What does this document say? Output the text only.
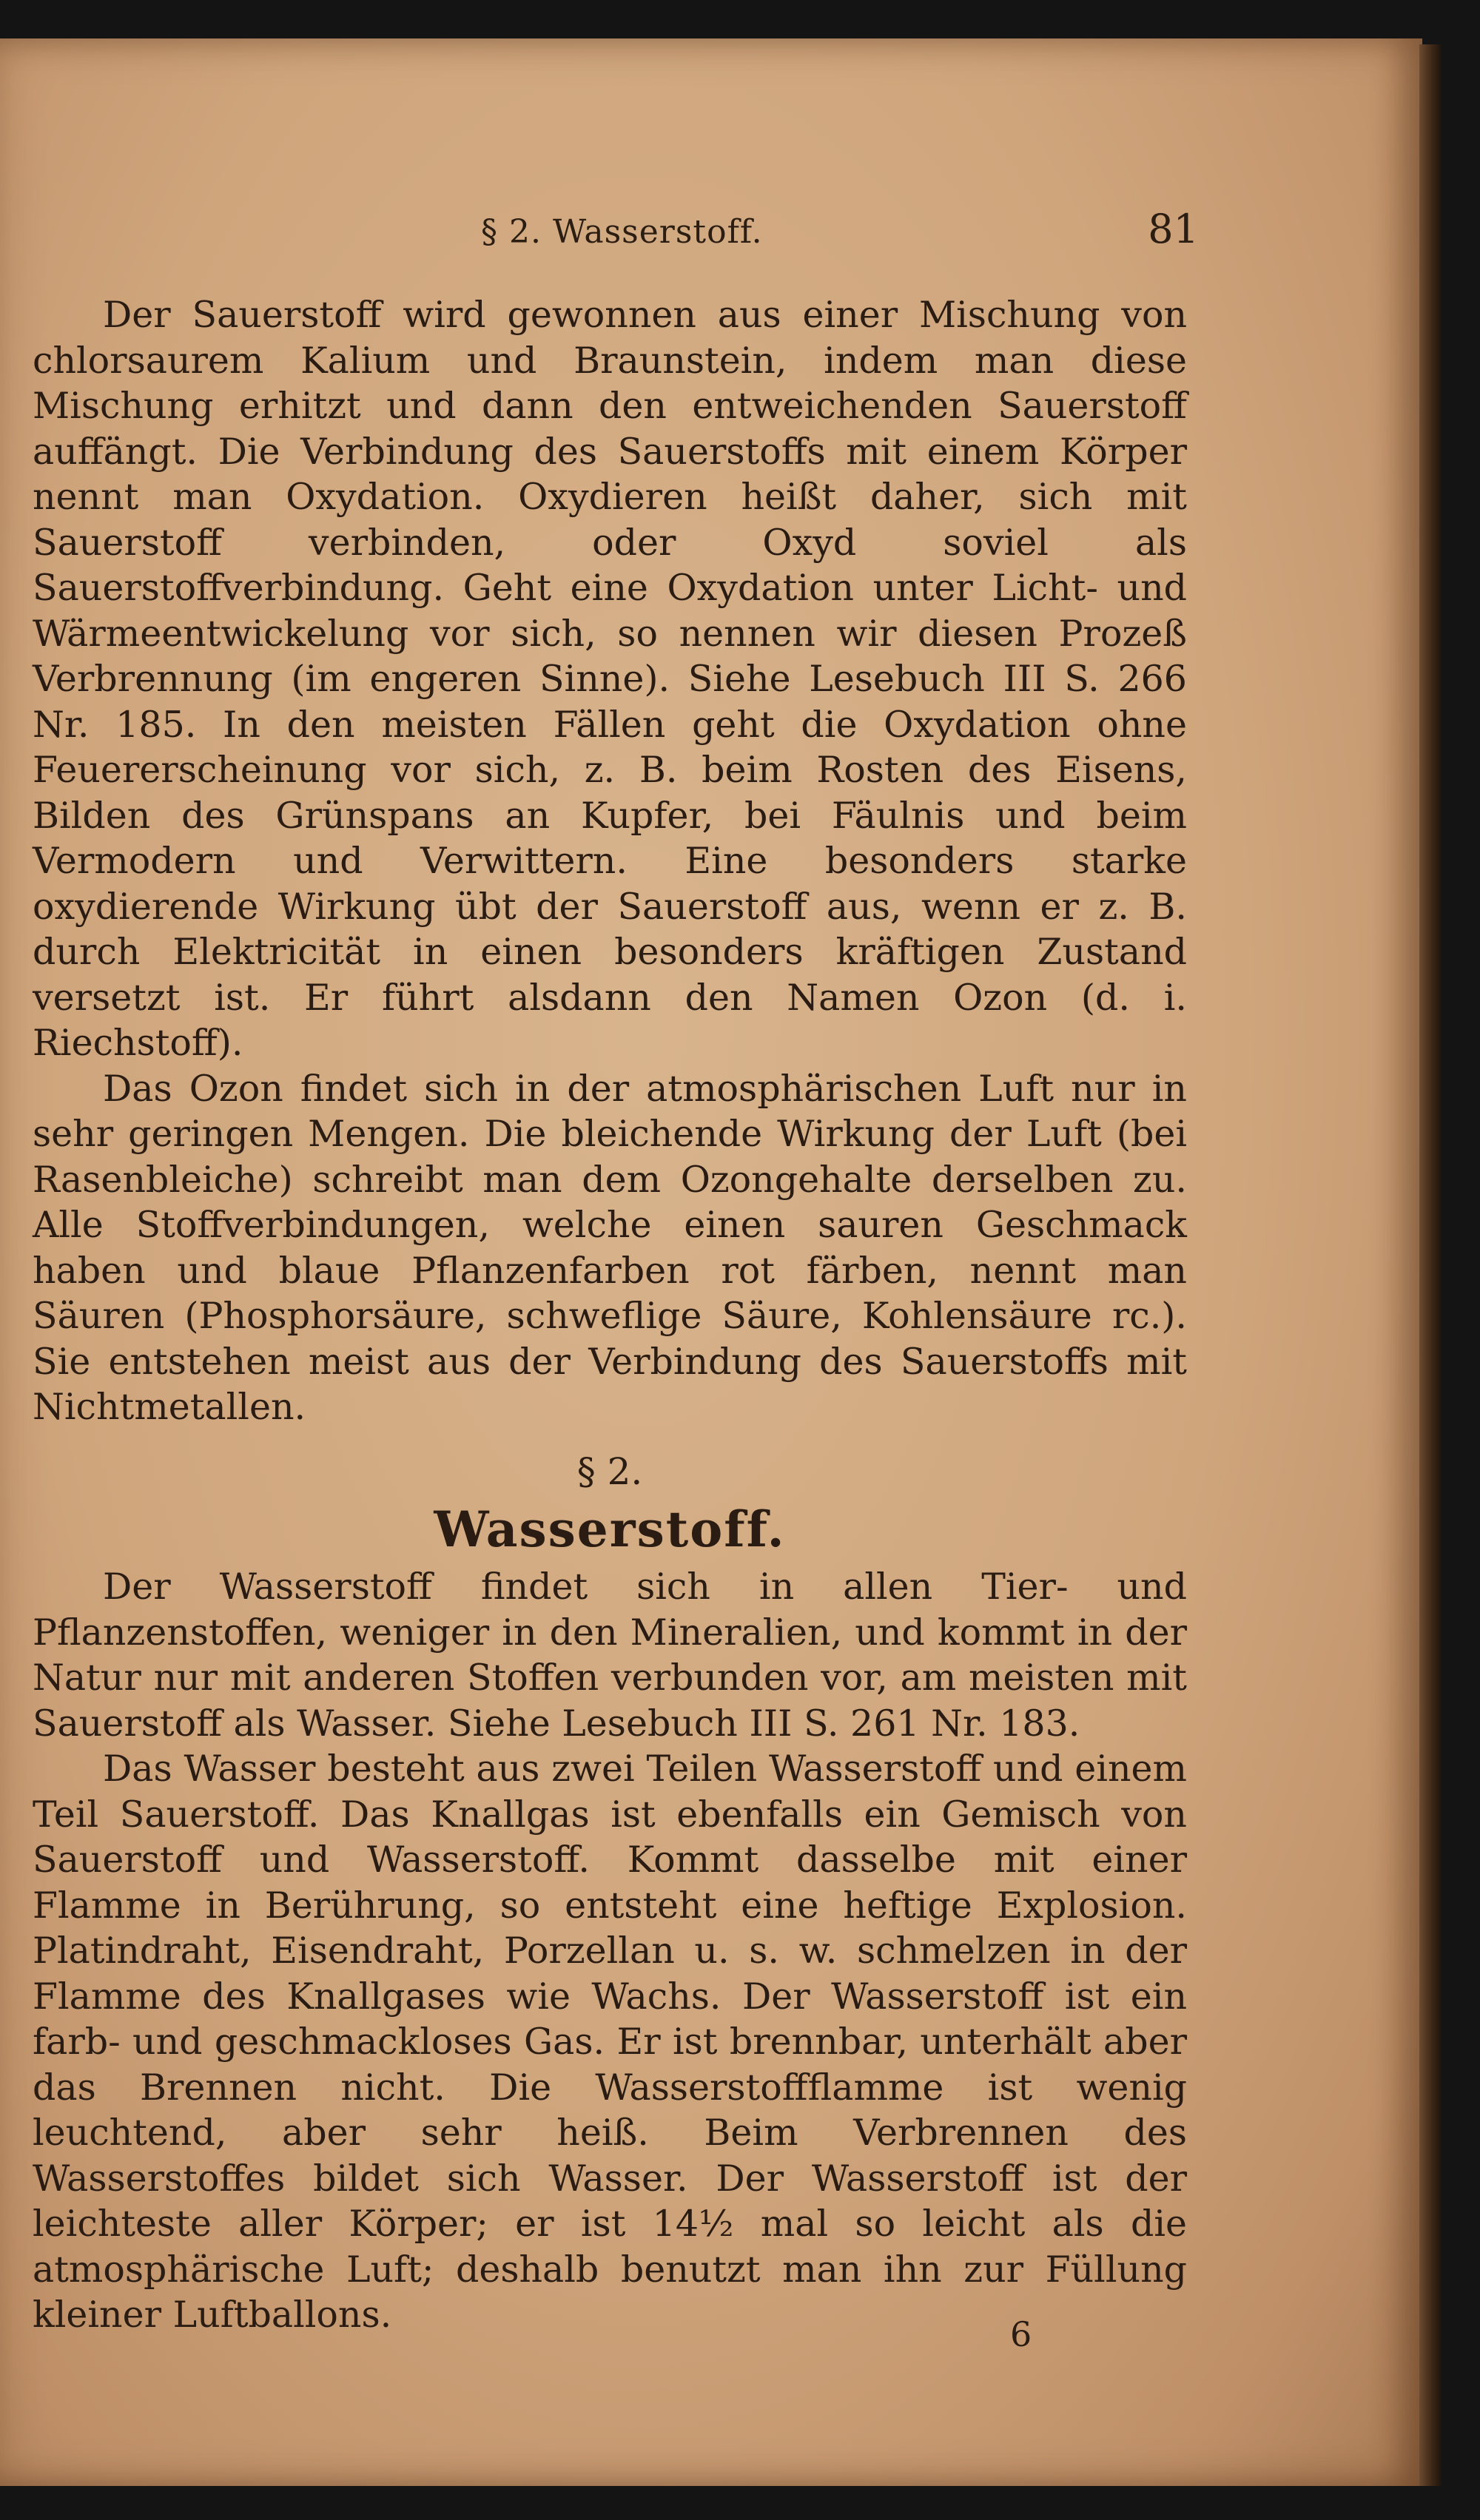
§ 2. Wasserstoff.	81

Der Sauerstoff wird gewonnen aus einer Mischung von chlorsaurem Kalium und Braunstein, indem man diese Mischung erhitzt und dann den entweichenden Sauerstoff auffängt. Die Verbindung des Sauerstoffs mit einem Körper nennt man Oxydation. Oxydieren heißt daher, sich mit Sauerstoff verbinden, oder Oxyd soviel als Sauerstoffverbindung. Geht eine Oxydation unter Licht- und Wärmeentwickelung vor sich, so nennen wir diesen Prozeß Verbrennung (im engeren Sinne). Siehe Lesebuch III S. 266 Nr. 185. In den meisten Fällen geht die Oxydation ohne Feuererscheinung vor sich, z. B. beim Rosten des Eisens, Bilden des Grünspans an Kupfer, bei Fäulnis und beim Vermodern und Verwittern. Eine besonders starke oxydierende Wirkung übt der Sauerstoff aus, wenn er z. B. durch Elektricität in einen besonders kräftigen Zustand versetzt ist. Er führt alsdann den Namen Ozon (d. i. Riechstoff).

Das Ozon findet sich in der atmosphärischen Luft nur in sehr geringen Mengen. Die bleichende Wirkung der Luft (bei Rasenbleiche) schreibt man dem Ozongehalte derselben zu. Alle Stoffverbindungen, welche einen sauren Geschmack haben und blaue Pflanzenfarben rot färben, nennt man Säuren (Phosphorsäure, schweflige Säure, Kohlensäure rc.). Sie entstehen meist aus der Verbindung des Sauerstoffs mit Nichtmetallen.

§ 2.

Wasserstoff.

Der Wasserstoff findet sich in allen Tier- und Pflanzenstoffen, weniger in den Mineralien, und kommt in der Natur nur mit anderen Stoffen verbunden vor, am meisten mit Sauerstoff als Wasser. Siehe Lesebuch III S. 261 Nr. 183.

Das Wasser besteht aus zwei Teilen Wasserstoff und einem Teil Sauerstoff. Das Knallgas ist ebenfalls ein Gemisch von Sauerstoff und Wasserstoff. Kommt dasselbe mit einer Flamme in Berührung, so entsteht eine heftige Explosion. Platindraht, Eisendraht, Porzellan u. s. w. schmelzen in der Flamme des Knallgases wie Wachs. Der Wasserstoff ist ein farb- und geschmackloses Gas. Er ist brennbar, unterhält aber das Brennen nicht. Die Wasserstoffflamme ist wenig leuchtend, aber sehr heiß. Beim Verbrennen des Wasserstoffes bildet sich Wasser. Der Wasserstoff ist der leichteste aller Körper; er ist 14½ mal so leicht als die atmosphärische Luft; deshalb benutzt man ihn zur Füllung kleiner Luftballons.	6
